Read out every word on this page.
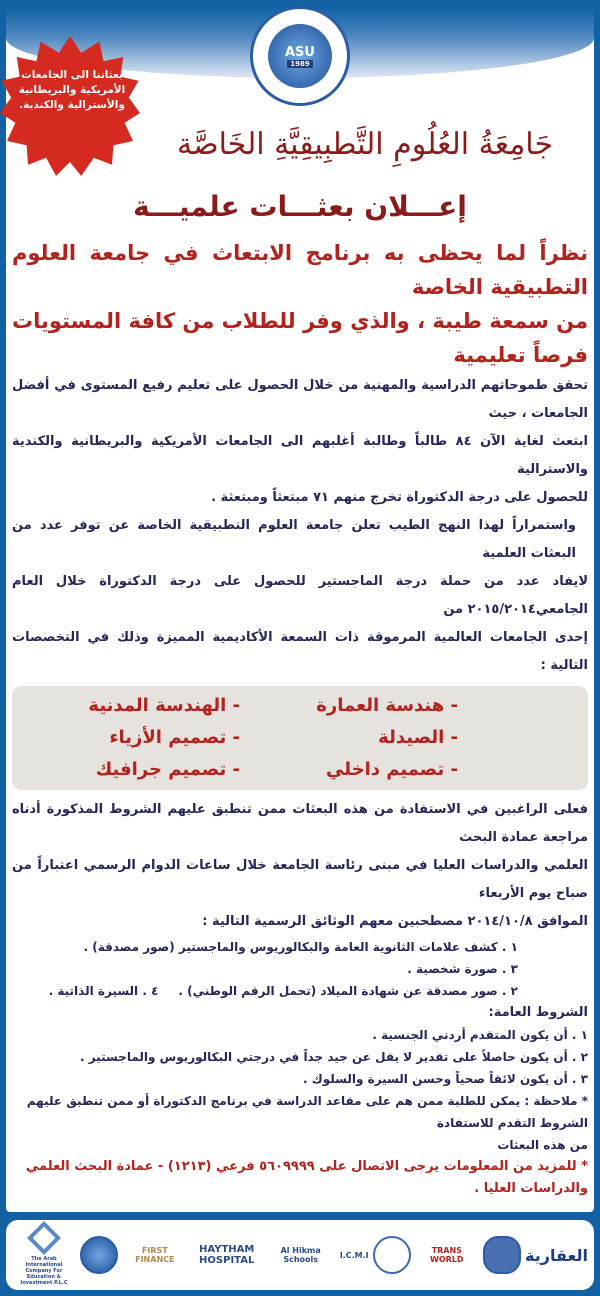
ASU
1989
بعثاتنا الى الجامعات
الأمريكية والبريطانية
والأسترالية والكندية.
جَامِعَةُ العُلُومِ التَّطبِيقِيَّةِ الخَاصَّة
إعـــلان بعثـــات علميـــة
نظراً لما يحظى به برنامج الابتعاث في جامعة العلوم التطبيقية الخاصة
من سمعة طيبة ، والذي وفر للطلاب من كافة المستويات فرصاً تعليمية
تحقق طموحاتهم الدراسية والمهنية من خلال الحصول على تعليم رفيع المستوى في أفضل الجامعات ، حيث
ابتعث لغاية الآن ٨٤ طالباً وطالبة أغلبهم الى الجامعات الأمريكية والبريطانية والكندية والاسترالية
للحصول على درجة الدكتوراة تخرج منهم ٧١ مبتعثاً ومبتعثة .
واستمراراً لهذا النهج الطيب تعلن جامعة العلوم التطبيقية الخاصة عن توفر عدد من البعثات العلمية
لايفاد عدد من حملة درجة الماجستير للحصول على درجة الدكتوراة خلال العام الجامعي٢٠١٥/٢٠١٤ من
إحدى الجامعات العالمية المرموقة ذات السمعة الأكاديمية المميزة وذلك في التخصصات التالية :
- هندسة العمارة
- الهندسة المدنية
- الصيدلة
- تصميم الأزياء
- تصميم داخلي
- تصميم جرافيك
فعلى الراغبين في الاستفادة من هذه البعثات ممن تنطبق عليهم الشروط المذكورة أدناه مراجعة عمادة البحث
العلمي والدراسات العليا في مبنى رئاسة الجامعة خلال ساعات الدوام الرسمي اعتباراً من صباح يوم الأربعاء
الموافق ٢٠١٤/١٠/٨ مصطحبين معهم الوثائق الرسمية التالية :
١ . كشف علامات الثانوية العامة والبكالوريوس والماجستير (صور مصدقة) .
٣ . صورة شخصية .
٢ . صور مصدقة عن شهادة الميلاد (تحمل الرقم الوطني) .
٤ . السيرة الذاتية .
الشروط العامة:
١ . أن يكون المتقدم أردني الجنسية .
٢ . أن يكون حاصلاً على تقدير لا يقل عن جيد جداً في درجتي البكالوريوس والماجستير .
٣ . أن يكون لائقاً صحياً وحسن السيرة والسلوك .
* ملاحظة : يمكن للطلبة ممن هم على مقاعد الدراسة في برنامج الدكتوراة أو ممن تنطبق عليهم الشروط التقدم للاستفادة
من هذه البعثات
* للمزيد من المعلومات يرجى الاتصال على ٥٦٠٩٩٩٩ فرعي (١٢١٣) - عمادة البحث العلمي والدراسات العليا .
The Arab International Company For Education & Investment P.L.C
FIRST FINANCE
HAYTHAM HOSPITAL
Al Hikma Schools	I.C.M.I	TRANS WORLD	العقارية
